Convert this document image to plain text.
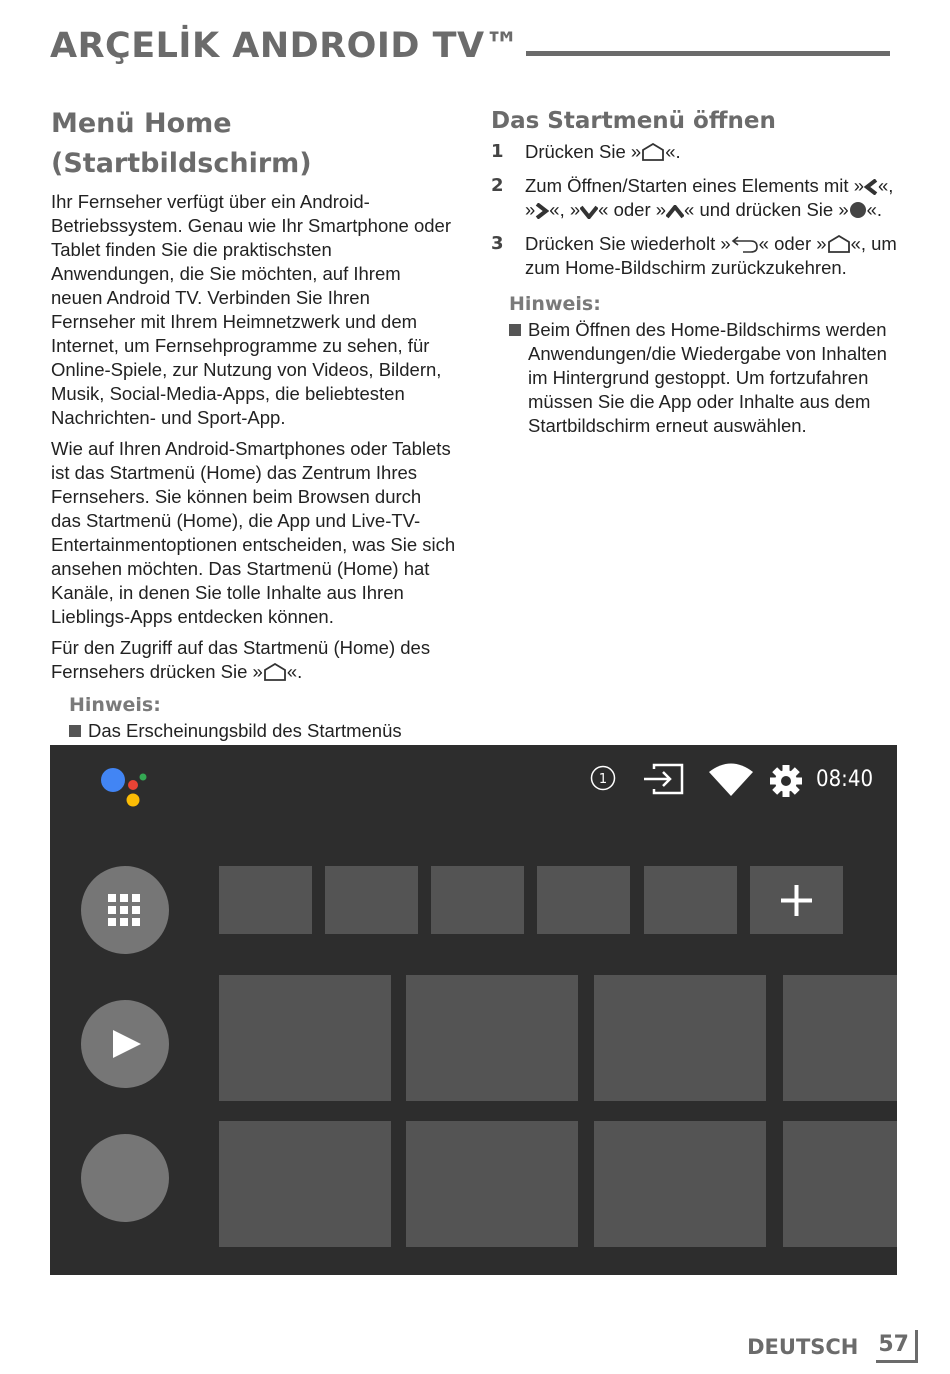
ARÇELİK ANDROID TV™
Menü Home (Startbildschirm)

Ihr Fernseher verfügt über ein Android-Betriebssystem. Genau wie Ihr Smartphone oder Tablet finden Sie die praktischsten Anwendungen, die Sie möchten, auf Ihrem neuen Android TV. Verbinden Sie Ihren Fernseher mit Ihrem Heimnetzwerk und dem Internet, um Fernsehprogramme zu sehen, für Online-Spiele, zur Nutzung von Videos, Bildern, Musik, Social-Media-Apps, die beliebtesten Nachrichten- und Sport-App.

Wie auf Ihren Android-Smartphones oder Tablets ist das Startmenü (Home) das Zentrum Ihres Fernsehers. Sie können beim Browsen durch das Startmenü (Home), die App und Live-TV-Entertainmentoptionen entscheiden, was Sie sich ansehen möchten. Das Startmenü (Home) hat Kanäle, in denen Sie tolle Inhalte aus Ihren Lieblings-Apps entdecken können.

Für den Zugriff auf das Startmenü (Home) des Fernsehers drücken Sie » «.

Hinweis:
Das Erscheinungsbild des Startmenüs
Das Startmenü öffnen
1	Drücken Sie » «.
2	Zum Öffnen/Starten eines Elements mit » «, » «, » « oder » « und drücken Sie » «.
3	Drücken Sie wiederholt » « oder » «, um zum Home-Bildschirm zurückzukehren.
Hinweis:
Beim Öffnen des Home-Bildschirms werden Anwendungen/die Wiedergabe von Inhalten im Hintergrund gestoppt. Um fortzufahren müssen Sie die App oder Inhalte aus dem Startbildschirm erneut auswählen.
1	08:40
DEUTSCH 57
